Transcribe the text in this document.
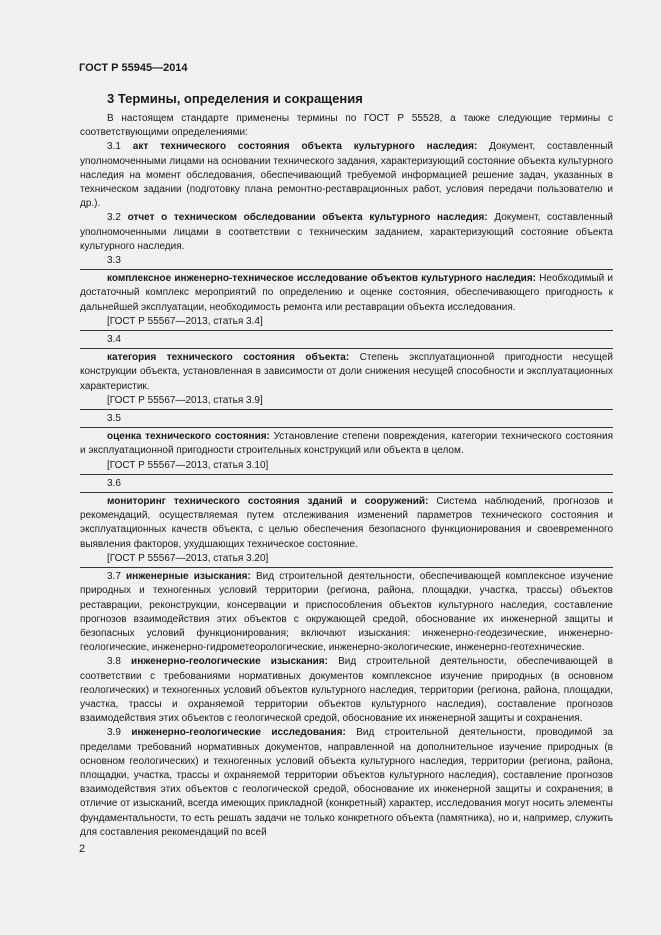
ГОСТ Р 55945—2014
3 Термины, определения и сокращения

В настоящем стандарте применены термины по ГОСТ Р 55528, а также следующие термины с соответствующими определениями:

3.1 акт технического состояния объекта культурного наследия: Документ, составленный уполномоченными лицами на основании технического задания, характеризующий состояние объекта культурного наследия на момент обследования, обеспечивающий требуемой информацией решение задач, указанных в техническом задании (подготовку плана ремонтно-реставрационных работ, условия передачи пользователю и др.).

3.2 отчет о техническом обследовании объекта культурного наследия: Документ, составленный уполномоченными лицами в соответствии с техническим заданием, характеризующий состояние объекта культурного наследия.

3.3

комплексное инженерно-техническое исследование объектов культурного наследия: Необходимый и достаточный комплекс мероприятий по определению и оценке состояния, обеспечивающего пригодность к дальнейшей эксплуатации, необходимость ремонта или реставрации объекта исследования.

[ГОСТ Р 55567—2013, статья 3.4]

3.4

категория технического состояния объекта: Степень эксплуатационной пригодности несущей конструкции объекта, установленная в зависимости от доли снижения несущей способности и эксплуатационных характеристик.

[ГОСТ Р 55567—2013, статья 3.9]

3.5

оценка технического состояния: Установление степени повреждения, категории технического состояния и эксплуатационной пригодности строительных конструкций или объекта в целом.

[ГОСТ Р 55567—2013, статья 3.10]

3.6

мониторинг технического состояния зданий и сооружений: Система наблюдений, прогнозов и рекомендаций, осуществляемая путем отслеживания изменений параметров технического состояния и эксплуатационных качеств объекта, с целью обеспечения безопасного функционирования и своевременного выявления факторов, ухудшающих техническое состояние.

[ГОСТ Р 55567—2013, статья 3.20]

3.7 инженерные изыскания: Вид строительной деятельности, обеспечивающей комплексное изучение природных и техногенных условий территории (региона, района, площадки, участка, трассы) объектов реставрации, реконструкции, консервации и приспособления объектов культурного наследия, составление прогнозов взаимодействия этих объектов с окружающей средой, обоснование их инженерной защиты и безопасных условий функционирования; включают изыскания: инженерно-геодезические, инженерно-геологические, инженерно-гидрометеорологические, инженерно-экологические, инженерно-геотехнические.

3.8 инженерно-геологические изыскания: Вид строительной деятельности, обеспечивающей в соответствии с требованиями нормативных документов комплексное изучение природных (в основном геологических) и техногенных условий объектов культурного наследия, территории (региона, района, площадки, участка, трассы и охраняемой территории объектов культурного наследия), составление прогнозов взаимодействия этих объектов с геологической средой, обоснование их инженерной защиты и сохранения.

3.9 инженерно-геологические исследования: Вид строительной деятельности, проводимой за пределами требований нормативных документов, направленной на дополнительное изучение природных (в основном геологических) и техногенных условий объекта культурного наследия, территории (региона, района, площадки, участка, трассы и охраняемой территории объектов культурного наследия), составление прогнозов взаимодействия этих объектов с геологической средой, обоснование их инженерной защиты и сохранения; в отличие от изысканий, всегда имеющих прикладной (конкретный) характер, исследования могут носить элементы фундаментальности, то есть решать задачи не только конкретного объекта (памятника), но и, например, служить для составления рекомендаций по всей

2
